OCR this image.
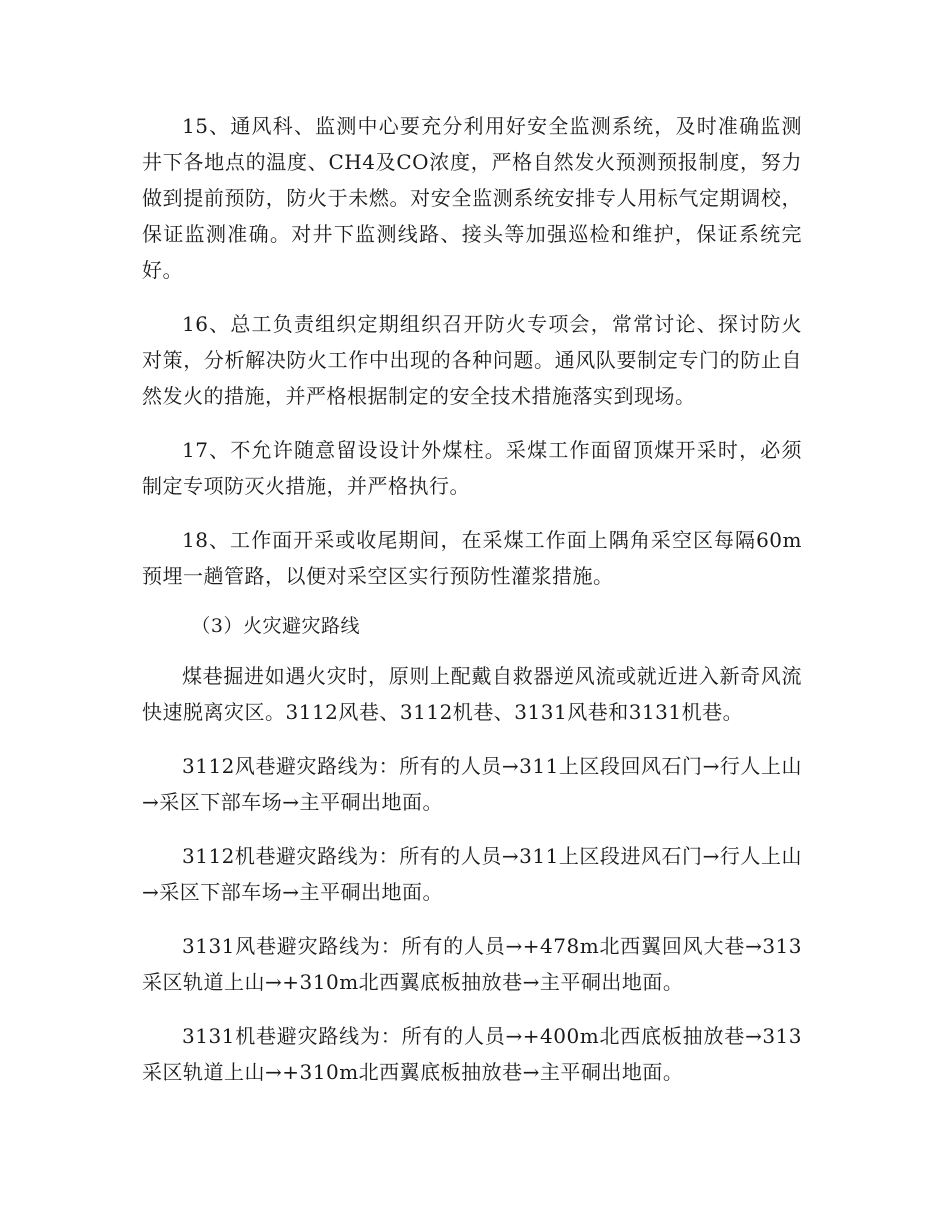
15、通风科、监测中心要充分利用好安全监测系统，及时准确监测井下各地点的温度、CH4及CO浓度，严格自然发火预测预报制度，努力做到提前预防，防火于未燃。对安全监测系统安排专人用标气定期调校，保证监测准确。对井下监测线路、接头等加强巡检和维护，保证系统完好。

16、总工负责组织定期组织召开防火专项会，常常讨论、探讨防火对策，分析解决防火工作中出现的各种问题。通风队要制定专门的防止自然发火的措施，并严格根据制定的安全技术措施落实到现场。

17、不允许随意留设设计外煤柱。采煤工作面留顶煤开采时，必须制定专项防灭火措施，并严格执行。

18、工作面开采或收尾期间，在采煤工作面上隅角采空区每隔60m预埋一趟管路，以便对采空区实行预防性灌浆措施。

（3）火灾避灾路线

煤巷掘进如遇火灾时，原则上配戴自救器逆风流或就近进入新奇风流快速脱离灾区。3112风巷、3112机巷、3131风巷和3131机巷。

3112风巷避灾路线为：所有的人员→311上区段回风石门→行人上山→采区下部车场→主平硐出地面。

3112机巷避灾路线为：所有的人员→311上区段进风石门→行人上山→采区下部车场→主平硐出地面。

3131风巷避灾路线为：所有的人员→+478m北西翼回风大巷→313采区轨道上山→+310m北西翼底板抽放巷→主平硐出地面。

3131机巷避灾路线为：所有的人员→+400m北西底板抽放巷→313采区轨道上山→+310m北西翼底板抽放巷→主平硐出地面。
